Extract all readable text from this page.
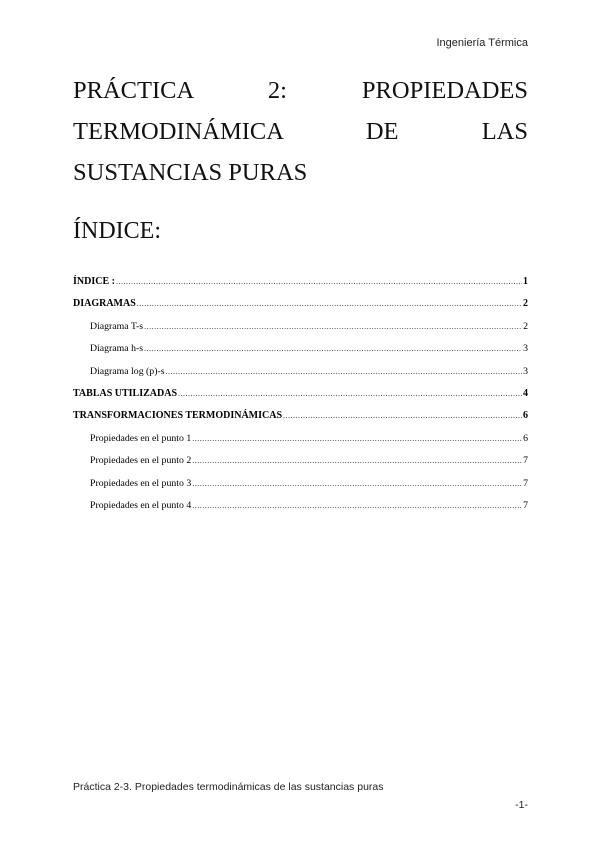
Ingeniería Térmica
PRÁCTICA 2: PROPIEDADES TERMODINÁMICA DE LAS SUSTANCIAS PURAS
ÍNDICE:
ÍNDICE : .....	1
DIAGRAMAS .....	2
Diagrama T-s .....	2
Diagrama h-s .....	3
Diagrama log (p)-s .....	3
TABLAS UTILIZADAS .....	4
TRANSFORMACIONES TERMODINÁMICAS .....	6
Propiedades en el punto 1 .....	6
Propiedades en el punto 2 .....	7
Propiedades en el punto 3 .....	7
Propiedades en el punto 4 .....	7
Práctica 2-3. Propiedades termodinámicas de las sustancias puras
-1-
